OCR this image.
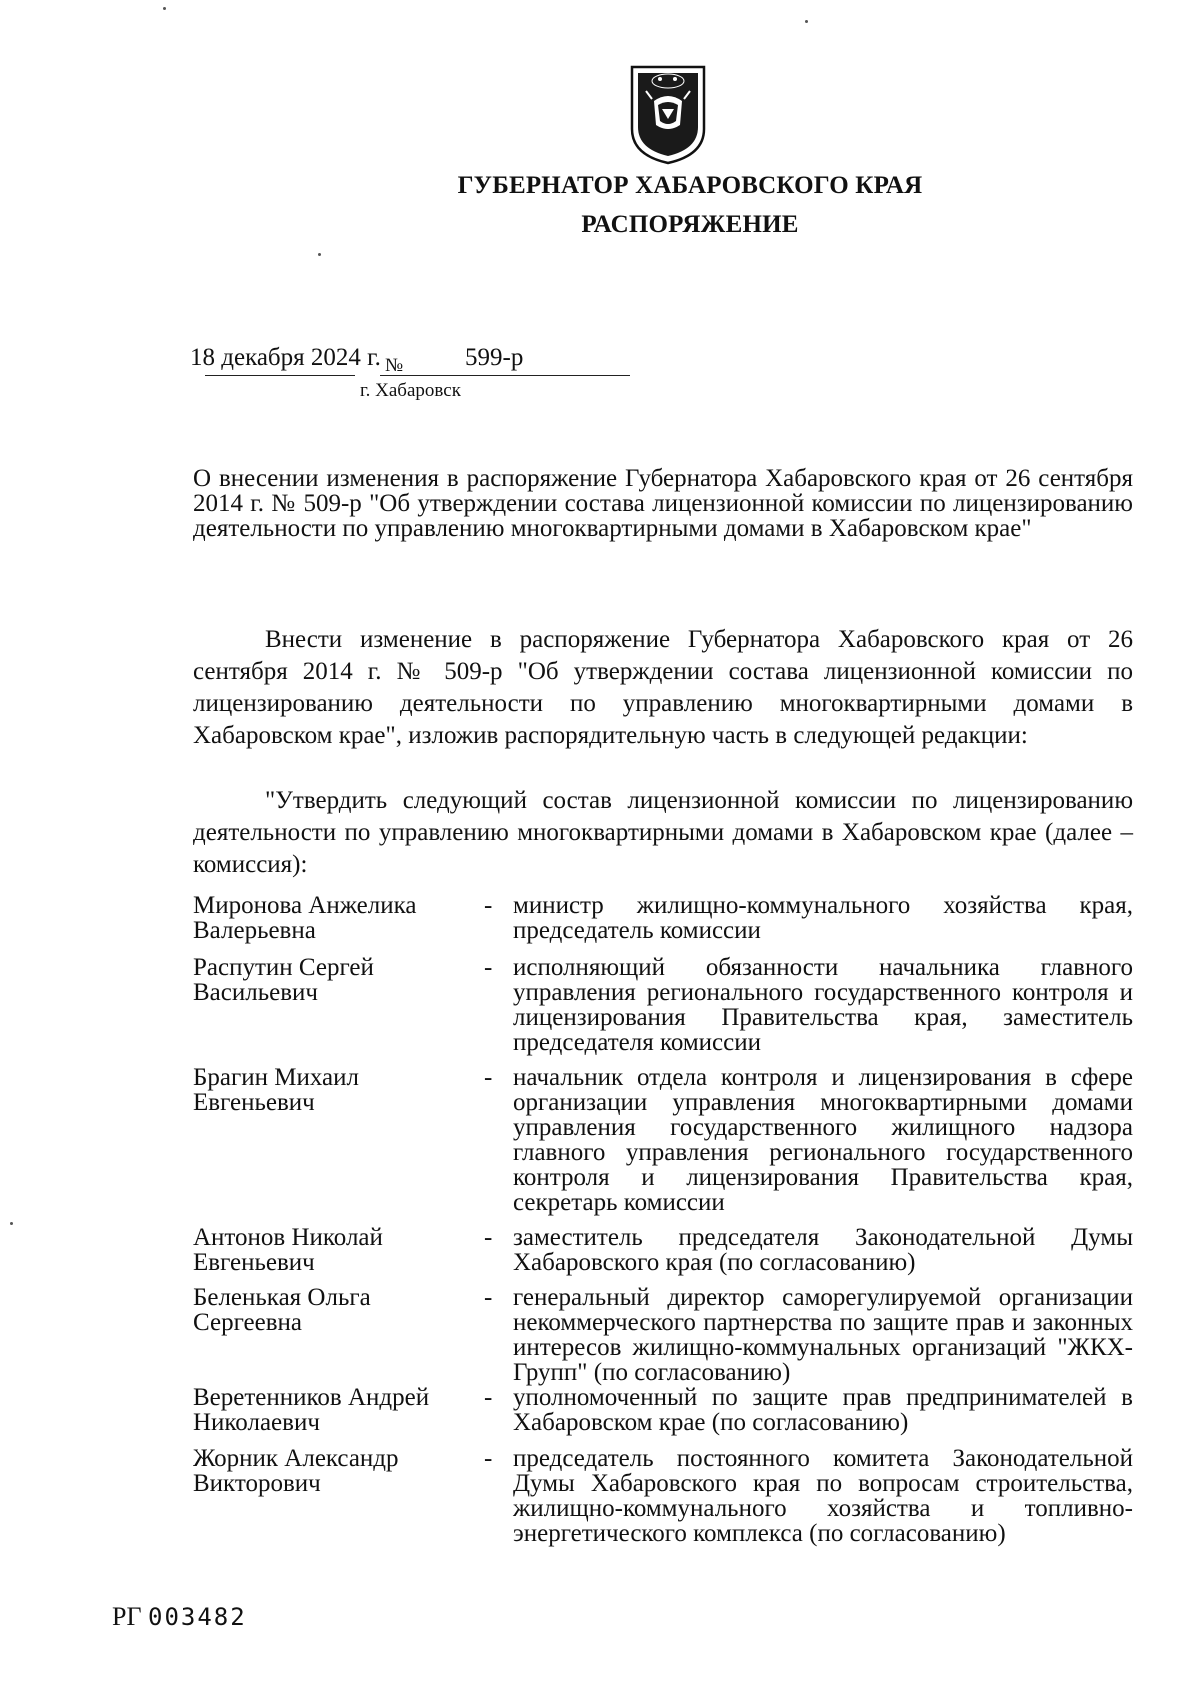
ГУБЕРНАТОР ХАБАРОВСКОГО КРАЯ
РАСПОРЯЖЕНИЕ
18 декабря 2024 г. № 599-р
г. Хабаровск
О внесении изменения в распоряжение Губернатора Хабаровского края от 26 сентября 2014 г. № 509-р "Об утверждении состава лицензионной комиссии по лицензированию деятельности по управлению многоквартирными домами в Хабаровском крае"
Внести изменение в распоряжение Губернатора Хабаровского края от 26 сентября 2014 г. № 509-р "Об утверждении состава лицензионной комиссии по лицензированию деятельности по управлению многоквартирными домами в Хабаровском крае", изложив распорядительную часть в следующей редакции:
"Утвердить следующий состав лицензионной комиссии по лицензированию деятельности по управлению многоквартирными домами в Хабаровском крае (далее – комиссия):
Миронова Анжелика Валерьевна
- министр жилищно-коммунального хозяйства края, председатель комиссии
Распутин Сергей Васильевич
- исполняющий обязанности начальника главного управления регионального государственного контроля и лицензирования Правительства края, заместитель председателя комиссии
Брагин Михаил Евгеньевич
- начальник отдела контроля и лицензирования в сфере организации управления многоквартирными домами управления государственного жилищного надзора главного управления регионального государственного контроля и лицензирования Правительства края, секретарь комиссии
Антонов Николай Евгеньевич
- заместитель председателя Законодательной Думы Хабаровского края (по согласованию)
Беленькая Ольга Сергеевна
- генеральный директор саморегулируемой организации некоммерческого партнерства по защите прав и законных интересов жилищно-коммунальных организаций "ЖКХ-Групп" (по согласованию)
Веретенников Андрей Николаевич
- уполномоченный по защите прав предпринимателей в Хабаровском крае (по согласованию)
Жорник Александр Викторович
- председатель постоянного комитета Законодательной Думы Хабаровского края по вопросам строительства, жилищно-коммунального хозяйства и топливно-энергетического комплекса (по согласованию)
РГ 003482
